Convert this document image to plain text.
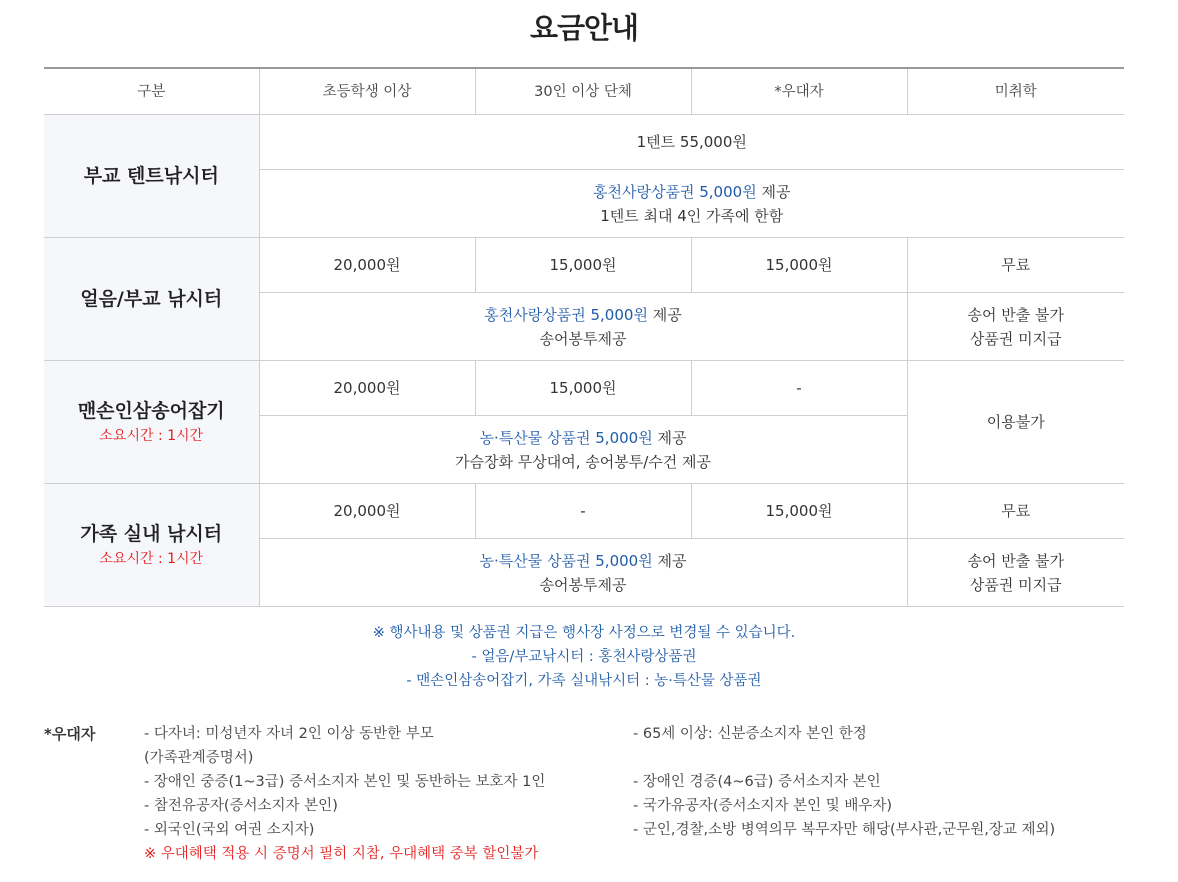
요금안내
구분	초등학생 이상	30인 이상 단체	*우대자	미취학
부교 텐트낚시터	1텐트 55,000원			
	홍천사랑상품권 5,000원 제공
1텐트 최대 4인 가족에 한함			
얼음/부교 낚시터	20,000원	15,000원	15,000원	무료
	홍천사랑상품권 5,000원 제공
송어봉투제공			송어 반출 불가
상품권 미지급
맨손인삼송어잡기
소요시간 : 1시간	20,000원	15,000원	-	이용불가
	농·특산물 상품권 5,000원 제공
가슴장화 무상대여, 송어봉투/수건 제공			
가족 실내 낚시터
소요시간 : 1시간	20,000원	-	15,000원	무료
	농·특산물 상품권 5,000원 제공
송어봉투제공			송어 반출 불가
상품권 미지급
※ 행사내용 및 상품권 지급은 행사장 사정으로 변경될 수 있습니다.
- 얼음/부교낚시터 : 홍천사랑상품권
- 맨손인삼송어잡기, 가족 실내낚시터 : 농·특산물 상품권
*우대자	- 다자녀: 미성년자 자녀 2인 이상 동반한 부모
(가족관계증명서)
- 장애인 중증(1~3급) 증서소지자 본인 및 동반하는 보호자 1인
- 참전유공자(증서소지자 본인)
- 외국인(국외 여권 소지자)
※ 우대혜택 적용 시 증명서 필히 지참, 우대혜택 중복 할인불가
- 65세 이상: 신분증소지자 본인 한정

- 장애인 경증(4~6급) 증서소지자 본인
- 국가유공자(증서소지자 본인 및 배우자)
- 군인,경찰,소방 병역의무 복무자만 해당(부사관,군무원,장교 제외)
